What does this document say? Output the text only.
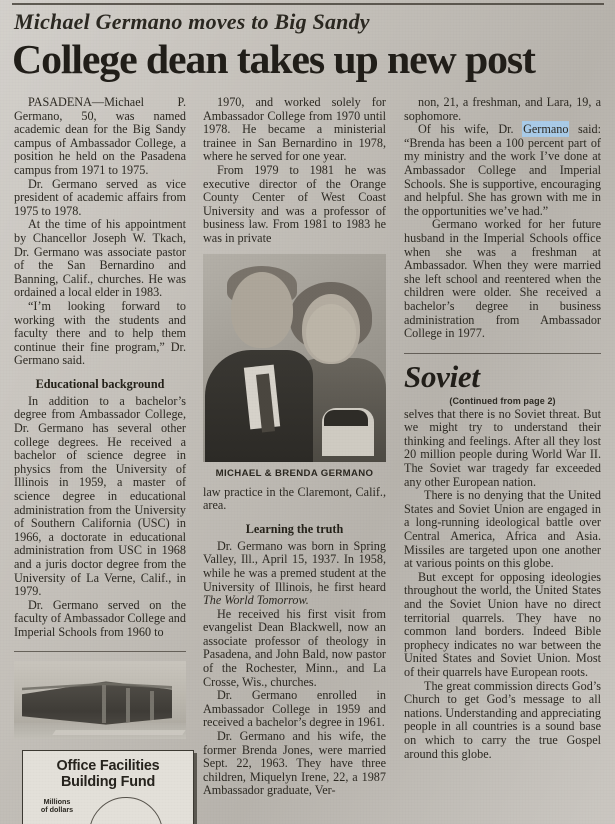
Michael Germano moves to Big Sandy
College dean takes up new post

PASADENA—Michael P. Germano, 50, was named academic dean for the Big Sandy campus of Ambassador College, a position he held on the Pasadena campus from 1971 to 1975.

Dr. Germano served as vice president of academic affairs from 1975 to 1978.

At the time of his appointment by Chancellor Joseph W. Tkach, Dr. Germano was associate pastor of the San Bernardino and Banning, Calif., churches. He was ordained a local elder in 1983.

“I’m looking forward to working with the students and faculty there and to help them continue their fine program,” Dr. Germano said.

Educational background

In addition to a bachelor’s degree from Ambassador College, Dr. Germano has several other college degrees. He received a bachelor of science degree in physics from the University of Illinois in 1959, a master of science degree in educational administration from the University of Southern California (USC) in 1966, a doctorate in educational administration from USC in 1968 and a juris doctor degree from the University of La Verne, Calif., in 1979.

Dr. Germano served on the faculty of Ambassador College and Imperial Schools from 1960 to

Office Facilities
Building Fund
Millions
of dollars

1970, and worked solely for Ambassador College from 1970 until 1978. He became a ministerial trainee in San Bernardino in 1978, where he served for one year.

From 1979 to 1981 he was executive director of the Orange County Center of West Coast University and was a professor of business law. From 1981 to 1983 he was in private

MICHAEL & BRENDA GERMANO

law practice in the Claremont, Calif., area.

Learning the truth

Dr. Germano was born in Spring Valley, Ill., April 15, 1937. In 1958, while he was a premed student at the University of Illinois, he first heard The World Tomorrow.

He received his first visit from evangelist Dean Blackwell, now an associate professor of theology in Pasadena, and John Bald, now pastor of the Rochester, Minn., and La Crosse, Wis., churches.

Dr. Germano enrolled in Ambassador College in 1959 and received a bachelor’s degree in 1961.

Dr. Germano and his wife, the former Brenda Jones, were married Sept. 22, 1963. They have three children, Miquelyn Irene, 22, a 1987 Ambassador graduate, Ver-

non, 21, a freshman, and Lara, 19, a sophomore.

Of his wife, Dr. Germano said: “Brenda has been a 100 percent part of my ministry and the work I’ve done at Ambassador College and Imperial Schools. She is supportive, encouraging and helpful. She has grown with me in the opportunities we’ve had.”

Germano worked for her future husband in the Imperial Schools office when she was a freshman at Ambassador. When they were married she left school and reentered when the children were older. She received a bachelor’s degree in business administration from Ambassador College in 1977.

Soviet
(Continued from page 2)

selves that there is no Soviet threat. But we might try to understand their thinking and feelings. After all they lost 20 million people during World War II. The Soviet war tragedy far exceeded any other European nation.

There is no denying that the United States and Soviet Union are engaged in a long-running ideological battle over Central America, Africa and Asia. Missiles are targeted upon one another at various points on this globe.

But except for opposing ideologies throughout the world, the United States and the Soviet Union have no direct territorial quarrels. They have no common land borders. Indeed Bible prophecy indicates no war between the United States and Soviet Union. Most of their quarrels have European roots.

The great commission directs God’s Church to get God’s message to all nations. Understanding and appreciating people in all countries is a sound base on which to carry the true Gospel around this globe.
